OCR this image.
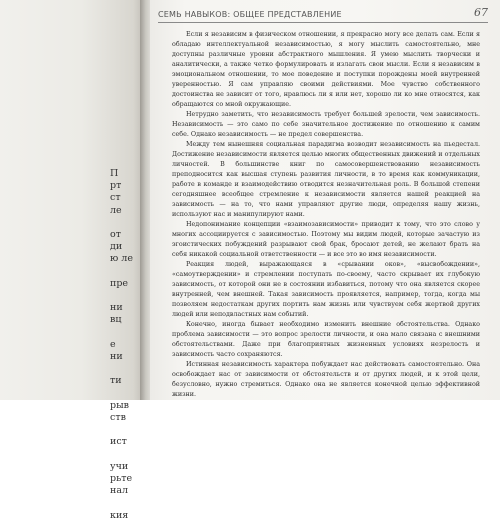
П
рт
ст
ле

от
ди
ю ле

пре

ни
вц

е
ни

ти

рыв
ств

ист

учи
рьте
нал

кия
СЕМЬ НАВЫКОВ: ОБЩЕЕ ПРЕДСТАВЛЕНИЕ	67

Если я независим в физическом отношении, я прекрасно могу все делать сам. Если я обладаю интеллектуальной независимостью, я могу мыслить самостоятельно, мне доступны различные уровни абстрактного мышления. Я умею мыслить творчески и аналитически, а также четко формулировать и излагать свои мысли. Если я независим в эмоциональном отношении, то мое поведение и поступки порождены моей внутренней уверенностью. Я сам управляю своими действиями. Мое чувство собственного достоинства не зависит от того, нравлюсь ли я или нет, хорошо ли ко мне относятся, как обращаются со мной окружающие.

Нетрудно заметить, что независимость требует большей зрелости, чем зависимость. Независимость — это само по себе значительное достижение по отношению к самим себе. Однако независимость — не предел совершенства.

Между тем нынешняя социальная парадигма возводит независимость на пьедестал. Достижение независимости является целью многих общественных движений и отдельных личностей. В большинстве книг по самосовершенствованию независимость преподносится как высшая ступень развития личности, в то время как коммуникации, работе в команде и взаимодействию отводится незначительная роль. В большой степени сегодняшнее всеобщее стремление к независимости является нашей реакцией на зависимость — на то, что нами управляют другие люди, определяя нашу жизнь, используют нас и манипулируют нами.

Недопонимание концепции «взаимозависимости» приводит к тому, что это слово у многих ассоциируется с зависимостью. Поэтому мы видим людей, которые зачастую из эгоистических побуждений разрывают свой брак, бросают детей, не желают брать на себя никакой социальной ответственности — и все это во имя независимости.

Реакция людей, выражающаяся в «срывании оков», «высвобождении», «самоутверждении» и стремлении поступать по-своему, часто скрывает их глубокую зависимость, от которой они не в состоянии избавиться, потому что она является скорее внутренней, чем внешней. Такая зависимость проявляется, например, тогда, когда мы позволяем недостаткам других портить нам жизнь или чувствуем себя жертвой других людей или неподвластных нам событий.

Конечно, иногда бывает необходимо изменить внешние обстоятельства. Однако проблема зависимости — это вопрос зрелости личности, и она мало связана с внешними обстоятельствами. Даже при благоприятных жизненных условиях незрелость и зависимость часто сохраняются.

Истинная независимость характера побуждает нас действовать самостоятельно. Она освобождает нас от зависимости от обстоятельств и от других людей, и к этой цели, безусловно, нужно стремиться. Однако она не является конечной целью эффективной жизни.
